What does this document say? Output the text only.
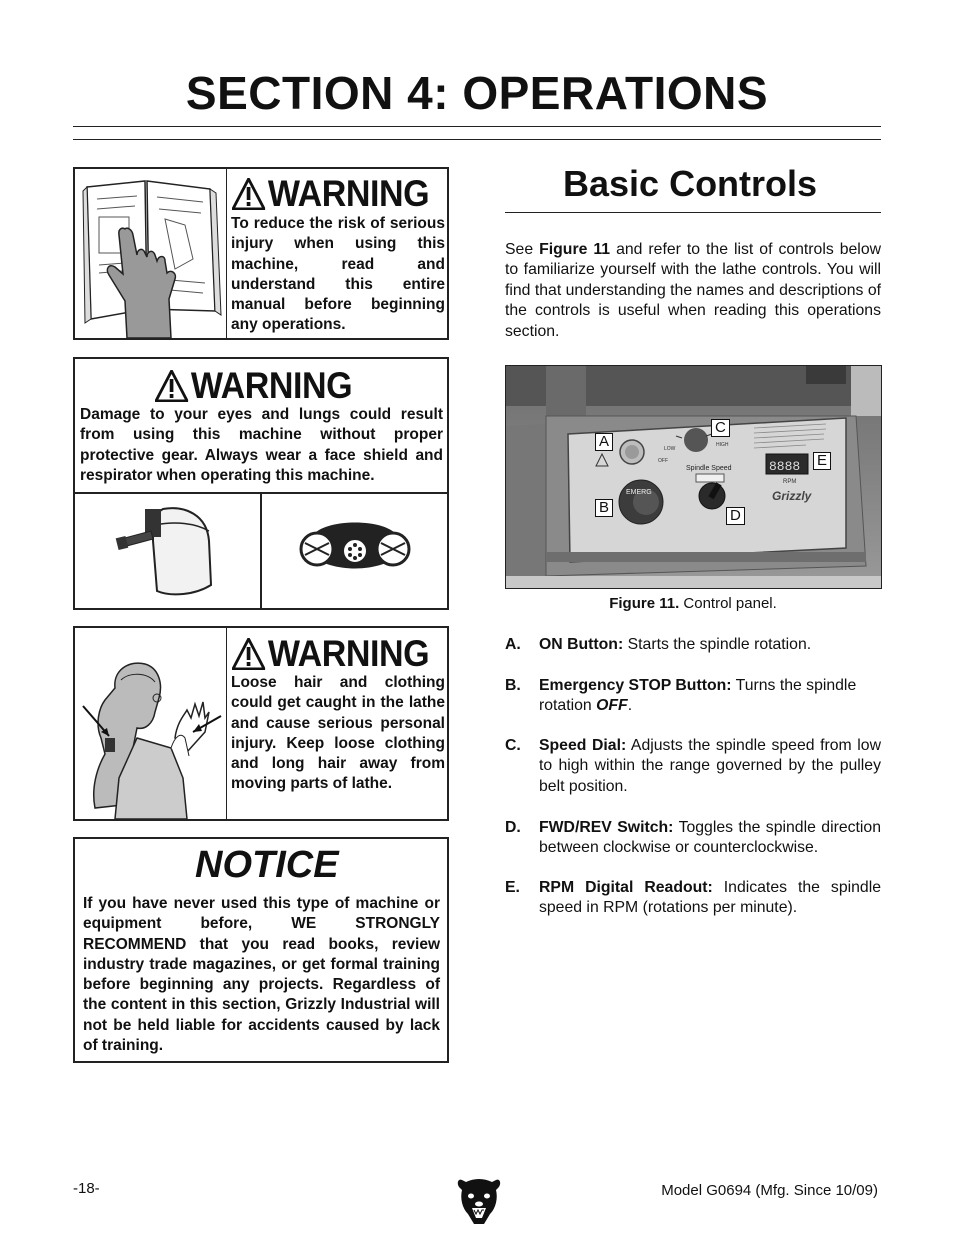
SECTION 4: OPERATIONS
WARNING
To reduce the risk of serious injury when using this machine, read and understand this entire manual before beginning any operations.
WARNING
Damage to your eyes and lungs could result from using this machine without proper protective gear. Always wear a face shield and respirator when operating this machine.
WARNING
Loose hair and clothing could get caught in the lathe and cause serious personal injury. Keep loose clothing and long hair away from moving parts of lathe.
NOTICE
If you have never used this type of machine or equipment before, WE STRONGLY RECOMMEND that you read books, review industry trade magazines, or get formal training before beginning any projects. Regardless of the content in this section, Grizzly Industrial will not be held liable for accidents caused by lack of training.
Basic Controls
See Figure 11 and refer to the list of controls below to familiarize yourself with the lathe controls. You will find that understanding the names and descriptions of the controls is useful when reading this operations section.
EMERG
LOW
HIGH
OFF
Spindle Speed	8888
RPM
Grizzly
A
B
C
D
E
Figure 11. Control panel.
A. ON Button: Starts the spindle rotation.
B. Emergency STOP Button: Turns the spindle rotation OFF.
C. Speed Dial: Adjusts the spindle speed from low to high within the range governed by the pulley belt position.
D. FWD/REV Switch: Toggles the spindle direction between clockwise or counterclockwise.
E. RPM Digital Readout: Indicates the spindle speed in RPM (rotations per minute).
-18-	Model G0694 (Mfg. Since 10/09)
